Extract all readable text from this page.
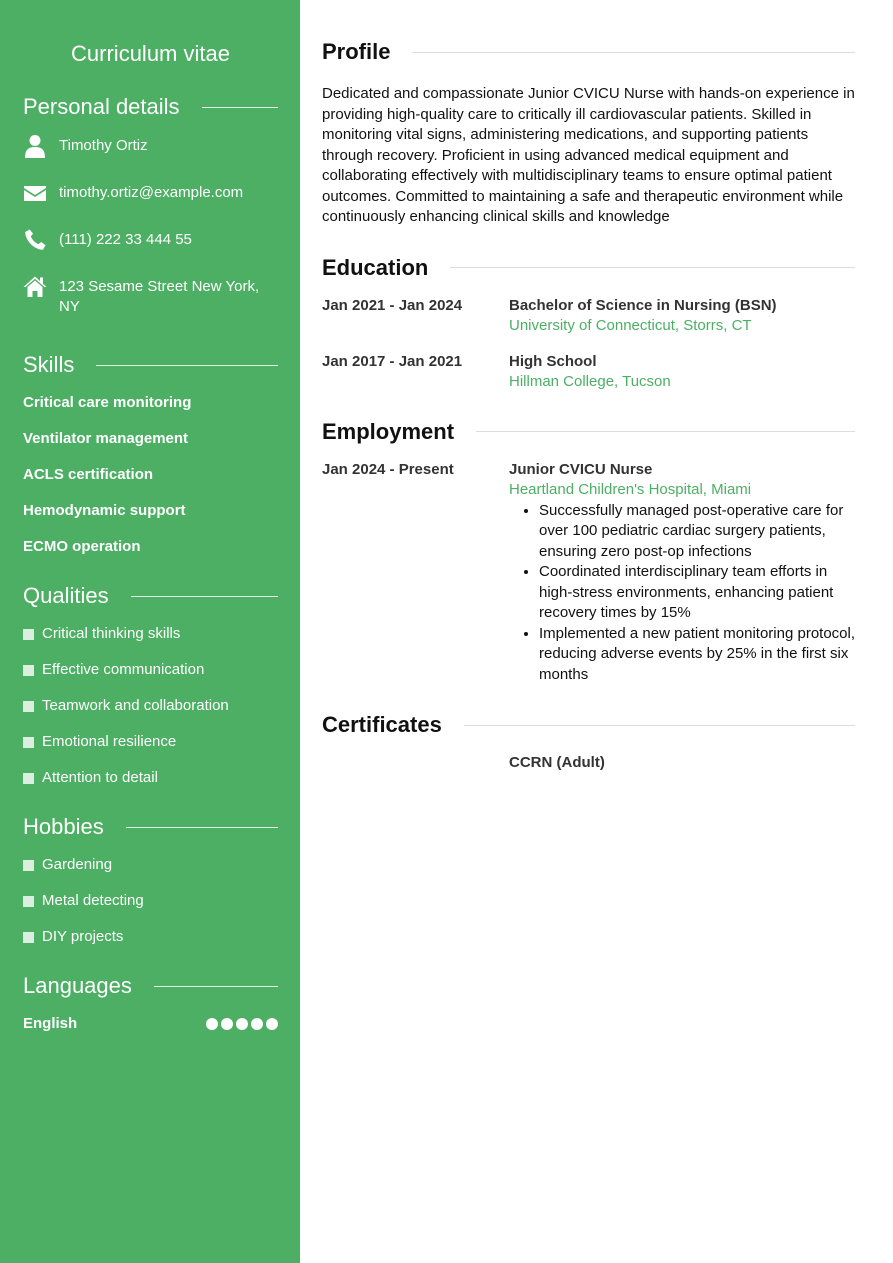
Curriculum vitae
Personal details
Timothy Ortiz
timothy.ortiz@example.com
(111) 222 33 444 55
123 Sesame Street New York, NY
Skills
Critical care monitoring
Ventilator management
ACLS certification
Hemodynamic support
ECMO operation
Qualities
Critical thinking skills
Effective communication
Teamwork and collaboration
Emotional resilience
Attention to detail
Hobbies
Gardening
Metal detecting
DIY projects
Languages
English
Profile

Dedicated and compassionate Junior CVICU Nurse with hands-on experience in providing high-quality care to critically ill cardiovascular patients. Skilled in monitoring vital signs, administering medications, and supporting patients through recovery. Proficient in using advanced medical equipment and collaborating effectively with multidisciplinary teams to ensure optimal patient outcomes. Committed to maintaining a safe and therapeutic environment while continuously enhancing clinical skills and knowledge

Education
Jan 2021 - Jan 2024	Bachelor of Science in Nursing (BSN)
University of Connecticut, Storrs, CT
Jan 2017 - Jan 2021	High School
Hillman College, Tucson
Employment
Jan 2024 - Present	Junior CVICU Nurse
Heartland Children's Hospital, Miami
• Successfully managed post-operative care for over 100 pediatric cardiac surgery patients, ensuring zero post-op infections
• Coordinated interdisciplinary team efforts in high-stress environments, enhancing patient recovery times by 15%
• Implemented a new patient monitoring protocol, reducing adverse events by 25% in the first six months
Certificates
CCRN (Adult)
